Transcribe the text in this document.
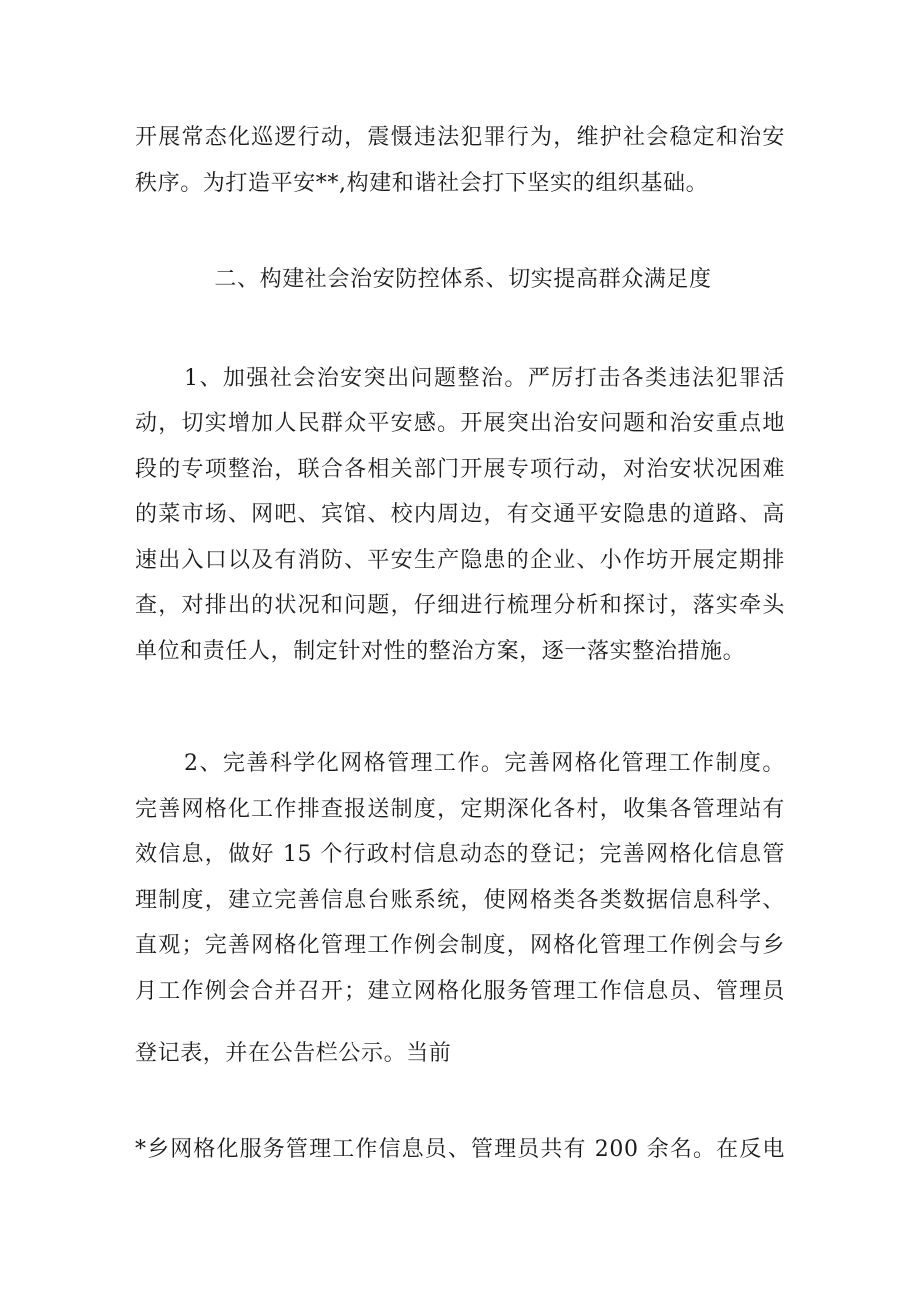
开展常态化巡逻行动，震慑违法犯罪行为，维护社会稳定和治安
秩序。为打造平安**,构建和谐社会打下坚实的组织基础。
二、构建社会治安防控体系、切实提高群众满足度
1、加强社会治安突出问题整治。严厉打击各类违法犯罪活
动，切实增加人民群众平安感。开展突出治安问题和治安重点地
段的专项整治，联合各相关部门开展专项行动，对治安状况困难
的菜市场、网吧、宾馆、校内周边，有交通平安隐患的道路、高
速出入口以及有消防、平安生产隐患的企业、小作坊开展定期排
查，对排出的状况和问题，仔细进行梳理分析和探讨，落实牵头
单位和责任人，制定针对性的整治方案，逐一落实整治措施。
2、完善科学化网格管理工作。完善网格化管理工作制度。
完善网格化工作排查报送制度，定期深化各村，收集各管理站有
效信息，做好 15 个行政村信息动态的登记；完善网格化信息管
理制度，建立完善信息台账系统，使网格类各类数据信息科学、
直观；完善网格化管理工作例会制度，网格化管理工作例会与乡
月工作例会合并召开；建立网格化服务管理工作信息员、管理员
登记表，并在公告栏公示。当前
*乡网格化服务管理工作信息员、管理员共有 200 余名。在反电
